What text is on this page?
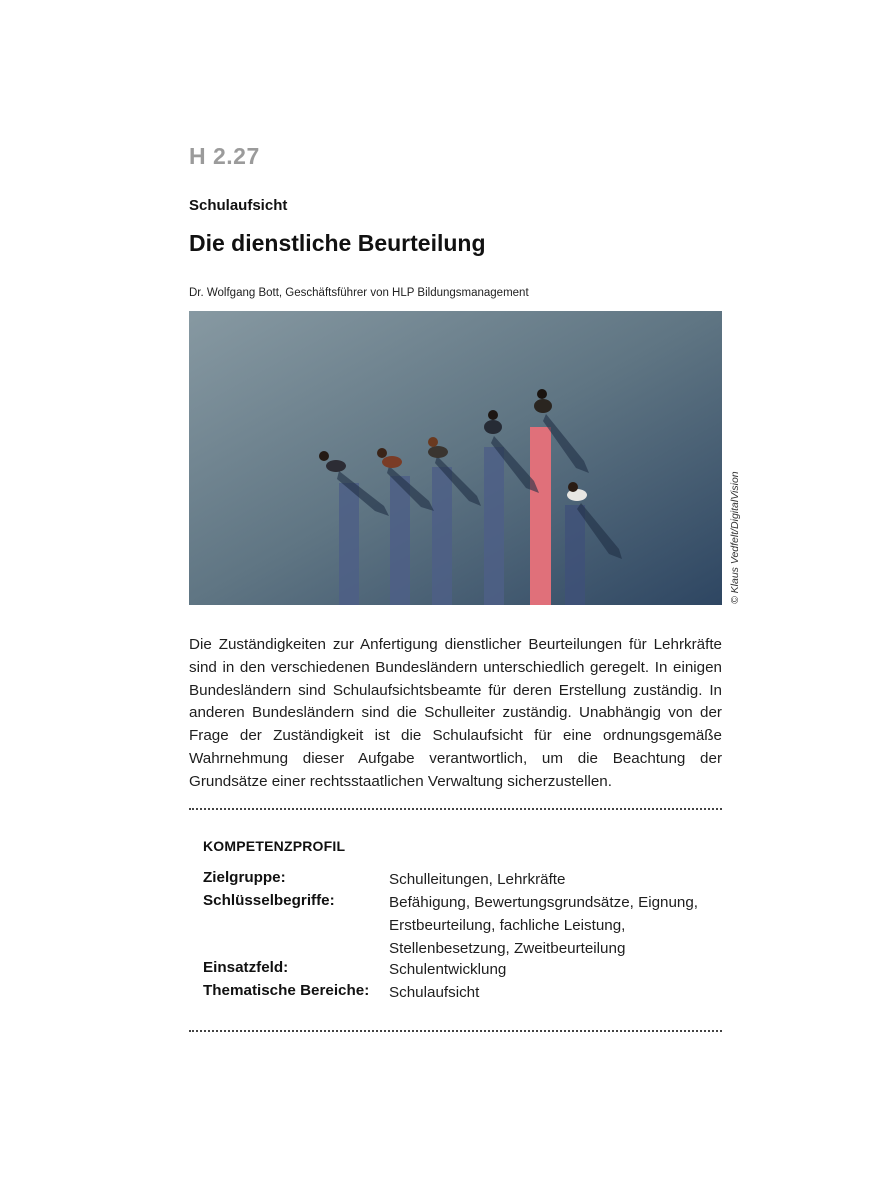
H 2.27
Schulaufsicht
Die dienstliche Beurteilung
Dr. Wolfgang Bott, Geschäftsführer von HLP Bildungsmanagement
© Klaus Vedfelt/DigitalVision
Die Zuständigkeiten zur Anfertigung dienstlicher Beurteilungen für Lehrkräfte sind in den verschiedenen Bundesländern unterschiedlich geregelt. In einigen Bundesländern sind Schulaufsichtsbeamte für deren Erstellung zuständig. In anderen Bundesländern sind die Schulleiter zuständig. Unabhängig von der Frage der Zuständigkeit ist die Schulaufsicht für eine ordnungsgemäße Wahrnehmung dieser Aufgabe verantwortlich, um die Beachtung der Grundsätze einer rechtsstaatlichen Verwaltung sicherzustellen.
KOMPETENZPROFIL
Zielgruppe:	Schulleitungen, Lehrkräfte
Schlüsselbegriffe:	Befähigung, Bewertungsgrundsätze, Eignung, Erstbeurteilung, fachliche Leistung, Stellenbesetzung, Zweitbeurteilung
Einsatzfeld:	Schulentwicklung
Thematische Bereiche: Schulaufsicht
